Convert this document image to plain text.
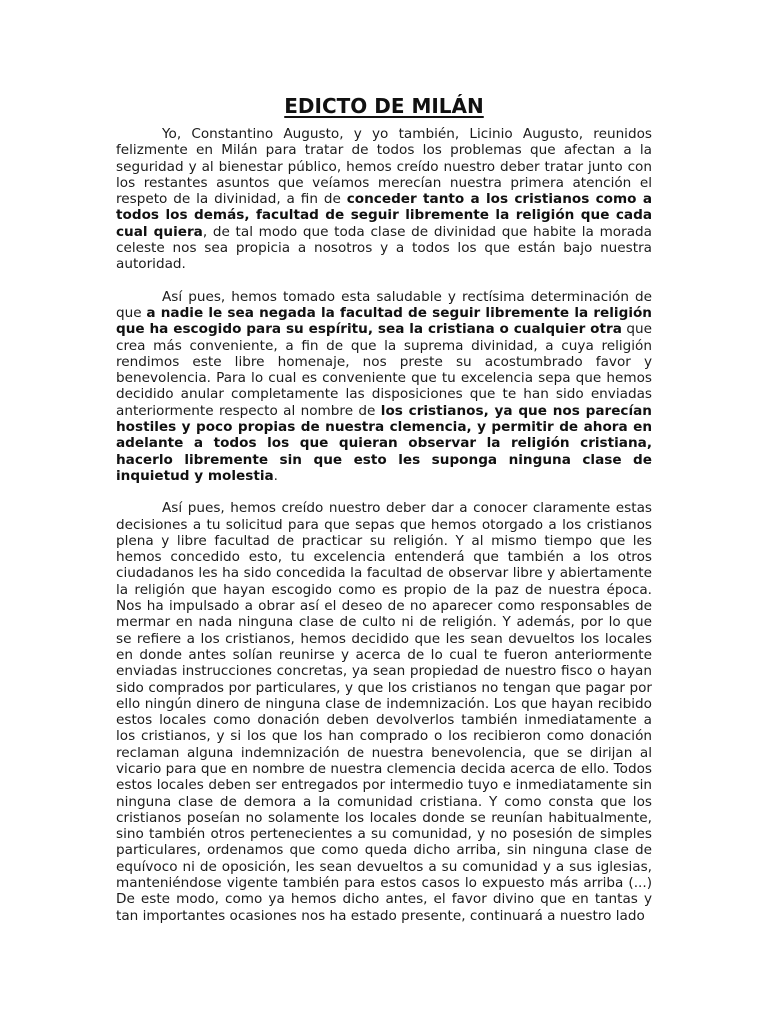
EDICTO DE MILÁN

Yo, Constantino Augusto, y yo también, Licinio Augusto, reunidos felizmente en Milán para tratar de todos los problemas que afectan a la seguridad y al bienestar público, hemos creído nuestro deber tratar junto con los restantes asuntos que veíamos merecían nuestra primera atención el respeto de la divinidad, a fin de conceder tanto a los cristianos como a todos los demás, facultad de seguir libremente la religión que cada cual quiera, de tal modo que toda clase de divinidad que habite la morada celeste nos sea propicia a nosotros y a todos los que están bajo nuestra autoridad.

Así pues, hemos tomado esta saludable y rectísima determinación de que a nadie le sea negada la facultad de seguir libremente la religión que ha escogido para su espíritu, sea la cristiana o cualquier otra que crea más conveniente, a fin de que la suprema divinidad, a cuya religión rendimos este libre homenaje, nos preste su acostumbrado favor y benevolencia. Para lo cual es conveniente que tu excelencia sepa que hemos decidido anular completamente las disposiciones que te han sido enviadas anteriormente respecto al nombre de los cristianos, ya que nos parecían hostiles y poco propias de nuestra clemencia, y permitir de ahora en adelante a todos los que quieran observar la religión cristiana, hacerlo libremente sin que esto les suponga ninguna clase de inquietud y molestia.

Así pues, hemos creído nuestro deber dar a conocer claramente estas decisiones a tu solicitud para que sepas que hemos otorgado a los cristianos plena y libre facultad de practicar su religión. Y al mismo tiempo que les hemos concedido esto, tu excelencia entenderá que también a los otros ciudadanos les ha sido concedida la facultad de observar libre y abiertamente la religión que hayan escogido como es propio de la paz de nuestra época. Nos ha impulsado a obrar así el deseo de no aparecer como responsables de mermar en nada ninguna clase de culto ni de religión. Y además, por lo que se refiere a los cristianos, hemos decidido que les sean devueltos los locales en donde antes solían reunirse y acerca de lo cual te fueron anteriormente enviadas instrucciones concretas, ya sean propiedad de nuestro fisco o hayan sido comprados por particulares, y que los cristianos no tengan que pagar por ello ningún dinero de ninguna clase de indemnización. Los que hayan recibido estos locales como donación deben devolverlos también inmediatamente a los cristianos, y si los que los han comprado o los recibieron como donación reclaman alguna indemnización de nuestra benevolencia, que se dirijan al vicario para que en nombre de nuestra clemencia decida acerca de ello. Todos estos locales deben ser entregados por intermedio tuyo e inmediatamente sin ninguna clase de demora a la comunidad cristiana. Y como consta que los cristianos poseían no solamente los locales donde se reunían habitualmente, sino también otros pertenecientes a su comunidad, y no posesión de simples particulares, ordenamos que como queda dicho arriba, sin ninguna clase de equívoco ni de oposición, les sean devueltos a su comunidad y a sus iglesias, manteniéndose vigente también para estos casos lo expuesto más arriba (...) De este modo, como ya hemos dicho antes, el favor divino que en tantas y tan importantes ocasiones nos ha estado presente, continuará a nuestro lado
